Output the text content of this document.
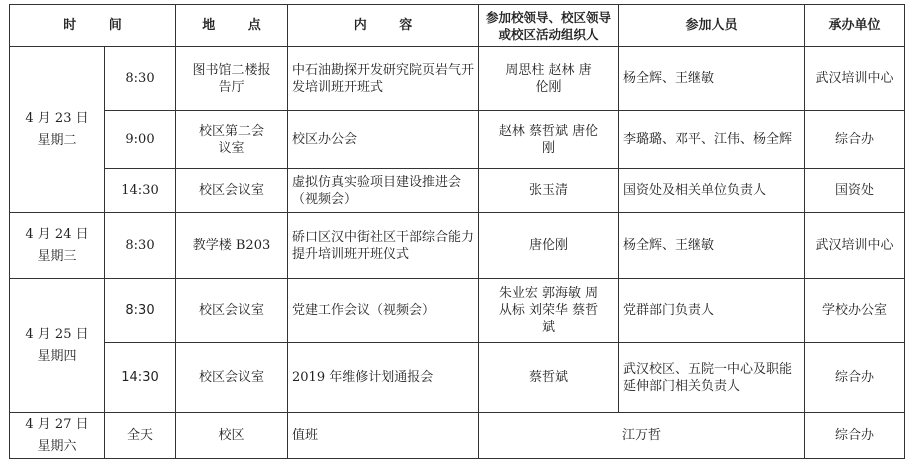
时 间		地 点	内 容	参加校领导、校区领导或校区活动组织人	参加人员	承办单位

4 月 23 日
星期二	8:30	图书馆二楼报告厅	中石油勘探开发研究院页岩气开发培训班开班式	周思柱 赵林 唐伦刚	杨全辉、王继敏	武汉培训中心
	9:00	校区第二会议室	校区办公会	赵林 蔡哲斌 唐伦刚	李璐璐、邓平、江伟、杨全辉	综合办
	14:30	校区会议室	虚拟仿真实验项目建设推进会（视频会）	张玉清	国资处及相关单位负责人	国资处

4 月 24 日
星期三	8:30	教学楼 B203	硚口区汉中街社区干部综合能力提升培训班开班仪式	唐伦刚	杨全辉、王继敏	武汉培训中心

4 月 25 日
星期四	8:30	校区会议室	党建工作会议（视频会）	朱业宏 郭海敏 周从标 刘荣华 蔡哲斌	党群部门负责人	学校办公室
	14:30	校区会议室	2019 年维修计划通报会	蔡哲斌	武汉校区、五院一中心及职能延伸部门相关负责人	综合办

4 月 27 日
星期六	全天	校区	值班	江万哲		综合办
